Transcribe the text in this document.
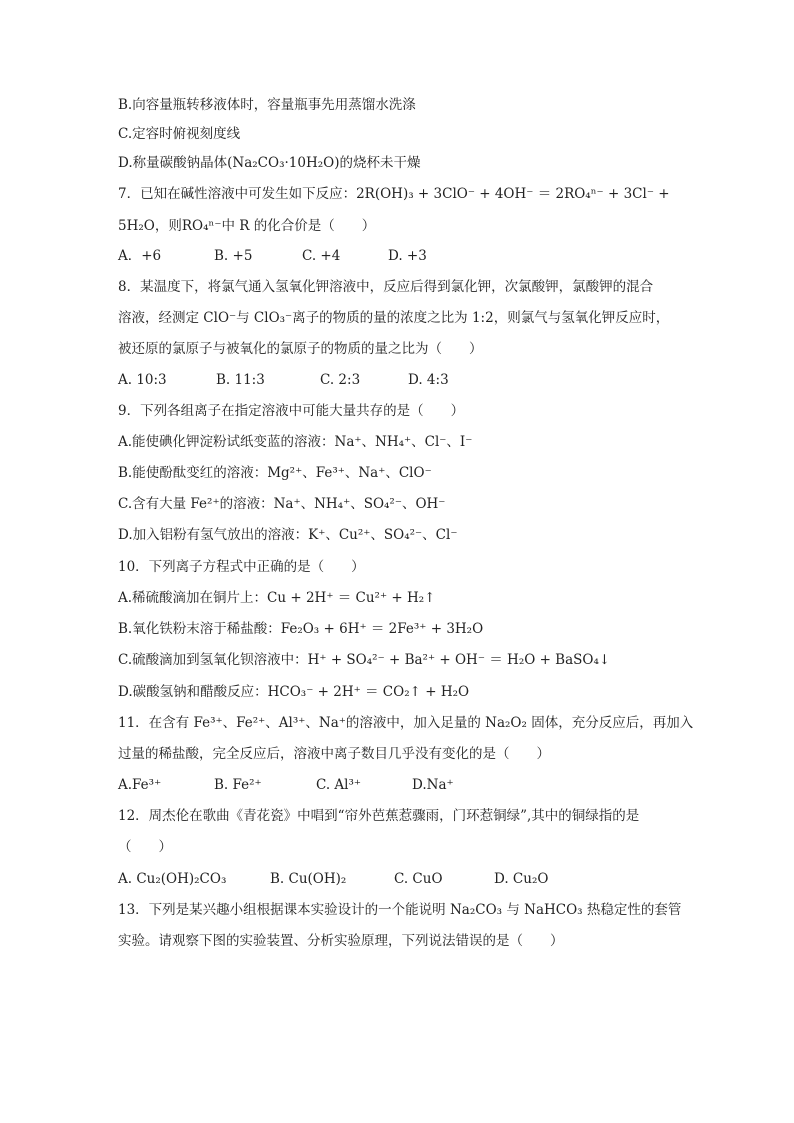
B.向容量瓶转移液体时，容量瓶事先用蒸馏水洗涤
C.定容时俯视刻度线
D.称量碳酸钠晶体(Na₂CO₃·10H₂O)的烧杯未干燥
7．已知在碱性溶液中可发生如下反应：2R(OH)₃ + 3ClO⁻ + 4OH⁻ ＝ 2RO₄ⁿ⁻ + 3Cl⁻ +
5H₂O，则RO₄ⁿ⁻中 R 的化合价是（　　）
A．+6	B. +5	C. +4	D. +3
8．某温度下，将氯气通入氢氧化钾溶液中，反应后得到氯化钾，次氯酸钾，氯酸钾的混合
溶液，经测定 ClO⁻与 ClO₃⁻离子的物质的量的浓度之比为 1:2，则氯气与氢氧化钾反应时，
被还原的氯原子与被氧化的氯原子的物质的量之比为（　　）
A. 10:3	B. 11:3	C. 2:3	D. 4:3
9．下列各组离子在指定溶液中可能大量共存的是（　　）
A.能使碘化钾淀粉试纸变蓝的溶液：Na⁺、NH₄⁺、Cl⁻、I⁻
B.能使酚酞变红的溶液：Mg²⁺、Fe³⁺、Na⁺、ClO⁻
C.含有大量 Fe²⁺的溶液：Na⁺、NH₄⁺、SO₄²⁻、OH⁻
D.加入铝粉有氢气放出的溶液：K⁺、Cu²⁺、SO₄²⁻、Cl⁻
10．下列离子方程式中正确的是（　　）
A.稀硫酸滴加在铜片上：Cu + 2H⁺ ＝ Cu²⁺ + H₂↑
B.氧化铁粉末溶于稀盐酸：Fe₂O₃ + 6H⁺ ＝ 2Fe³⁺ + 3H₂O
C.硫酸滴加到氢氧化钡溶液中：H⁺ + SO₄²⁻ + Ba²⁺ + OH⁻ ＝ H₂O + BaSO₄↓
D.碳酸氢钠和醋酸反应：HCO₃⁻ + 2H⁺ ＝ CO₂↑ + H₂O
11．在含有 Fe³⁺、Fe²⁺、Al³⁺、Na⁺的溶液中，加入足量的 Na₂O₂ 固体，充分反应后，再加入
过量的稀盐酸，完全反应后，溶液中离子数目几乎没有变化的是（　　）
A.Fe³⁺	B. Fe²⁺	C. Al³⁺	D.Na⁺
12．周杰伦在歌曲《青花瓷》中唱到“帘外芭蕉惹骤雨，门环惹铜绿”,其中的铜绿指的是
（　　）
A. Cu₂(OH)₂CO₃	B. Cu(OH)₂	C. CuO	D. Cu₂O
13．下列是某兴趣小组根据课本实验设计的一个能说明 Na₂CO₃ 与 NaHCO₃ 热稳定性的套管
实验。请观察下图的实验装置、分析实验原理，下列说法错误的是（　　）
